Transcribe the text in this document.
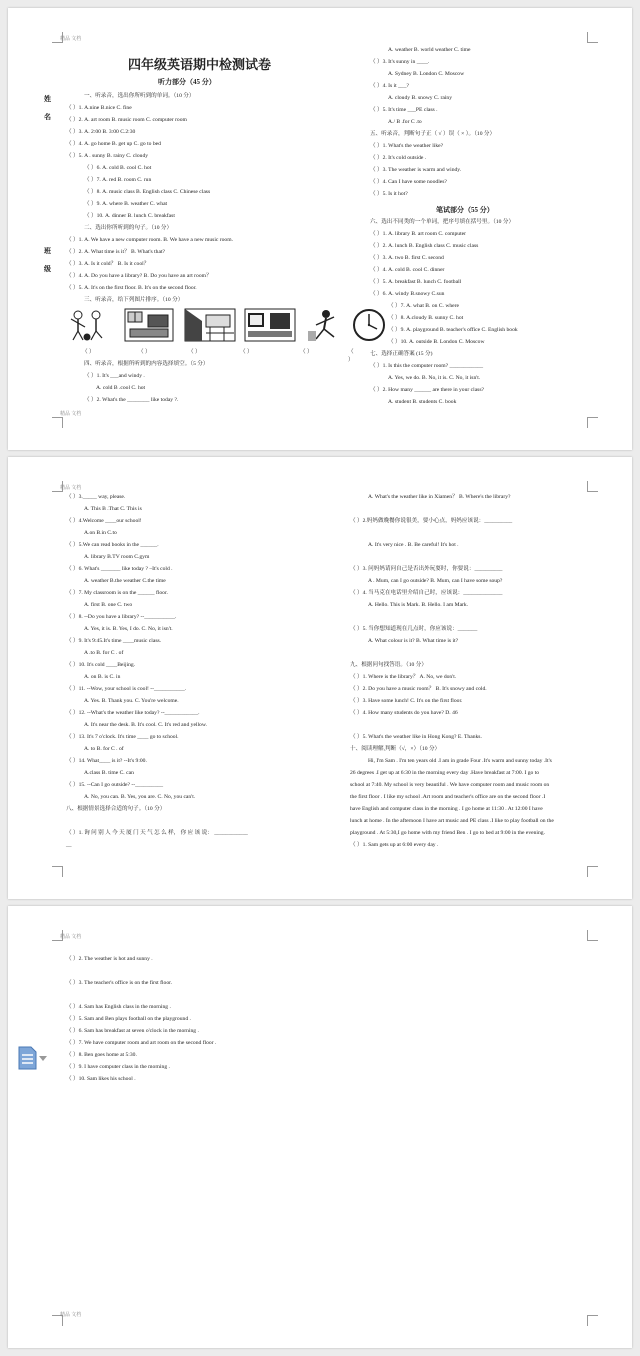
精品 文档
精品 文档
四年级英语期中检测试卷
听力部分（45 分）
姓
名
班
级
一、听录音，选出你所听到的单词。（10 分）
（ ）1. A.nine B.nice C. fine
（ ）2. A. art room B. music room C. computer room
（ ）3. A. 2:00 B. 3:00 C.2:30
（ ）4. A. go home B. get up C. go to bed
（ ）5. A . sunny B. rainy C. cloudy
（ ）6. A. cold B. cool C. hot
（ ）7. A. red B. room C. run
（ ）8. A. music class B. English class C. Chinese class
（ ）9. A. where B. weather C. what
（ ）10. A. dinner B. lunch C. breakfast
二、选出你所听到的句子。（10 分）
（ ）1. A. We have a new computer room. B. We have a new music room.
（ ）2. A. What time is it？ B. What's that?
（ ）3. A. Is it cold？ B. Is it cool？
（ ）4. A. Do you have a library? B. Do you have an art room？
（ ）5. A. It's on the first floor. B. It's on the second floor.
三、听录音，给下列图片排序。（10 分）
（ ）	（ ）	（ ）	（ ）	（ ）	（ ）
四、听录音，根据所听到的内容选择填空。（5 分）
（ ）1. It's ___and windy .
A. cold B .cool C. hot
（ ）2. What's the ________ like today ?.
A. weather B. world weather C. time
（ ）3. It's sunny in ____.
A. Sydney B. London C. Moscow
（ ）4. Is it ___?
A. cloudy B. snowy C. rainy
（ ）5. It's time ___PE class .
A./ B .for C .to
五、听录音，判断句子正（ √ ）误（ × ）。（10 分）
（ ）1. What's the weather like?
（ ）2. It's cold outside .
（ ）3. The weather is warm and windy.
（ ）4. Can I have some noodles?
（ ）5. Is it hot?
笔试部分（55 分）
六、选出不同类的一个单词，把序号填在括号里。（10 分）
（ ）1. A. library B. art room C. computer
（ ）2. A. lunch B. English class C. music class
（ ）3. A. two B. first C. second
（ ）4. A. cold B. cool C. dinner
（ ）5. A. breakfast B. lunch C. football
（ ）6. A. windy B.snowy C.sun
（ ）7. A. what B. on C. where
（ ）8. A.cloudy B. sunny C. hot
（ ）9. A. playground B. teacher's office C. English book
（ ）10. A. outside B. London C. Moscow
七、选择正确答案 (15 分)
（ ）1. Is this the computer room? ____________
A. Yes, we do. B. No, it is. C. No, it isn't.
（ ）2. How many ______ are there in your class?
A. student B. students C. book
精品 文档
（ ）3._____ way, please.
A. This B .That C. This is
（ ）4.Welcome ____our school!
A.on B.in C.to
（ ）5.We can read books in the ______.
A. library B.TV room C.gym
（ ）6. What's _______ like today ? –It's cold .
A. weather B.the weather C.the time
（ ）7. My classroom is on the ______ floor.
A. first B. one C. two
（ ）8. --Do you have a library? --___________.
A. Yes, it is. B. Yes, I do. C. No, it isn't.
（ ）9. It's 9:45.It's time ____music class.
A .to B. for C . of
（ ）10. It's cold ____Beijing.
A. on B. is C. in
（ ）11. --Wow, your school is cool! --___________.
A. Yes. B. Thank you. C. You're welcome.
（ ）12. --What's the weather like today? --____________.
A. It's near the desk. B. It's cool. C. It's red and yellow.
（ ）13. It's 7 o'clock. It's time ____ go to school.
A. to B. for C . of
（ ）14. What____ is it? --It's 9:00.
A.class B. time C. can
（ ）15. --Can I go outside? --__________
A. No, you can. B. Yes, you are. C. No, you can't.
八、根据情景选择合适的句子。（10 分）

（ ）1. 询 问 别 人 今 天 厦 门 天 气 怎 么 样， 你 应 该 说： ____________
__
A. What's the weather like in Xiamen？ B. Where's the library?

（ ）2.妈妈做晚餐你说很美，要小心点，妈妈应该说：__________

A. It's very nice . B. Be careful! It's hot .

（ ）3. 问妈妈请问自己是否出外玩耍时，你要说：__________
A . Mum, can I go outside? B. Mum, can I have some soup?
（ ）4. 当马克在电话里介绍自己时，应该说：______________
A. Hello. This is Mark. B. Hello. I am Mark.

（ ）5. 当你想知道现在几点时，你应该说：_______
A. What colour is it? B. What time is it?

九、根据问句找答语。（10 分）
（ ）1. Where is the library？ A. No, we don't.
（ ）2. Do you have a music room？ B. It's snowy and cold.
（ ）3. Have some lunch! C. It's on the first floor.
（ ）4. How many students do you have? D. 46

（ ）5. What's the weather like in Hong Kong? E. Thanks.
十、阅读理解,判断（√，×）（10 分）
Hi, I'm Sam . I'm ten years old .I am in grade Four .It's warm and sunny today .It's
26 degrees .I get up at 6:30 in the morning every day .Have breakfast at 7:00. I go to
school at 7:40. My school is very beautiful . We have computer room and music room on
the first floor . I like my school .Art room and teacher's office are on the second floor .I
have English and computer class in the morning . I go home at 11:30 . At 12:00 I have
lunch at home . In the afternoon I have art music and PE class .I like to play football on the
playground . At 5:30,I go home with my friend Ben . I go to bed at 9:00 in the evening.
（ ）1. Sam gets up at 6:00 every day .
精品 文档
精品 文档
（ ）2. The weather is hot and sunny .

（ ）3. The teacher's office is on the first floor.

（ ）4. Sam has English class in the morning .
（ ）5. Sam and Ben plays football on the playground .
（ ）6. Sam has breakfast at seven o'clock in the morning .
（ ）7. We have computer room and art room on the second floor .
（ ）8. Ben goes home at 5:30.
（ ）9. I have computer class in the morning .
（ ）10. Sam likes his school .
